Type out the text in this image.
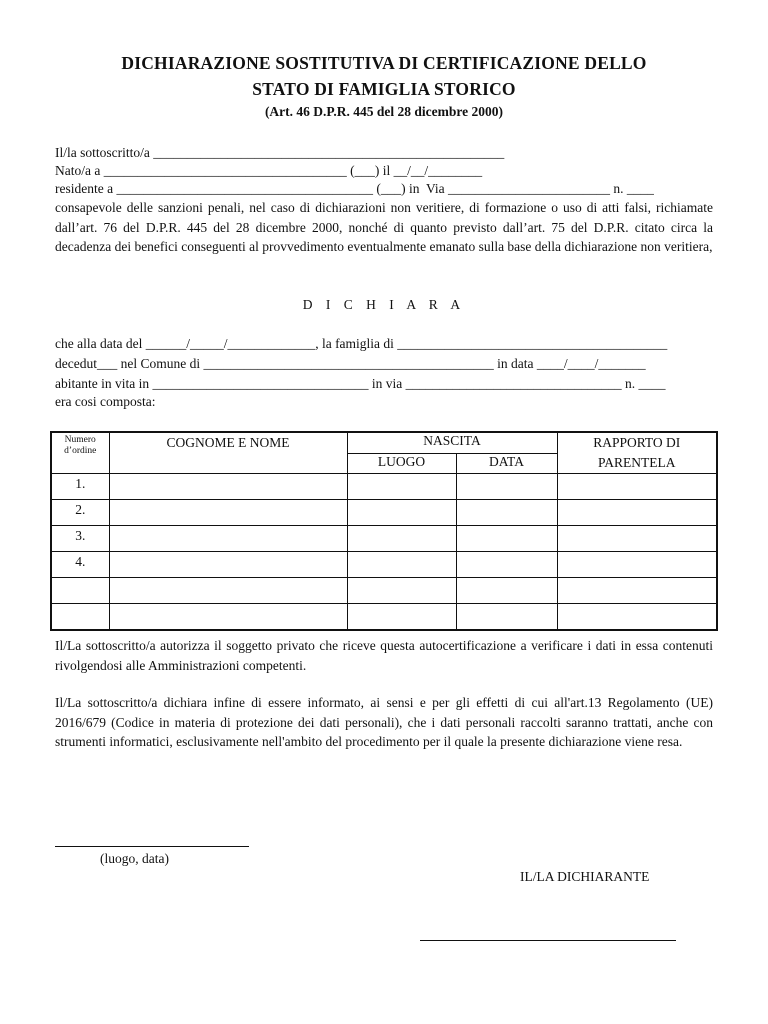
DICHIARAZIONE SOSTITUTIVA DI CERTIFICAZIONE DELLO
STATO DI FAMIGLIA STORICO
(Art. 46 D.P.R. 445 del 28 dicembre 2000)
Il/la sottoscritto/a ____________________________________________________
Nato/a a ____________________________________ (___) il __/__/________
residente a ______________________________________ (___) in  Via ________________________ n. ____
consapevole delle sanzioni penali, nel caso di dichiarazioni non veritiere, di formazione o uso di atti falsi, richiamate dall’art. 76 del D.P.R. 445 del 28 dicembre 2000, nonché di quanto previsto dall’art. 75 del D.P.R. citato circa la decadenza dei benefici conseguenti al provvedimento eventualmente emanato sulla base della dichiarazione non veritiera,
D I C H I A R A
che alla data del ______/_____/_____________, la famiglia di ________________________________________
decedut___ nel Comune di ___________________________________________ in data ____/____/_______
abitante in vita in ________________________________ in via ________________________________ n. ____
era cosi composta:
Numero d’ordine	COGNOME E NOME	NASCITA		RAPPORTO DI PARENTELA
		LUOGO	DATA	
1.				
2.				
3.				
4.				

Il/La sottoscritto/a autorizza il soggetto privato che riceve questa autocertificazione a verificare i dati in essa contenuti rivolgendosi alle Amministrazioni competenti.
Il/La sottoscritto/a dichiara infine di essere informato, ai sensi e per gli effetti di cui all'art.13 Regolamento (UE) 2016/679 (Codice in materia di protezione dei dati personali), che i dati personali raccolti saranno trattati, anche con strumenti informatici, esclusivamente nell'ambito del procedimento per il quale la presente dichiarazione viene resa.
(luogo, data)
IL/LA DICHIARANTE
